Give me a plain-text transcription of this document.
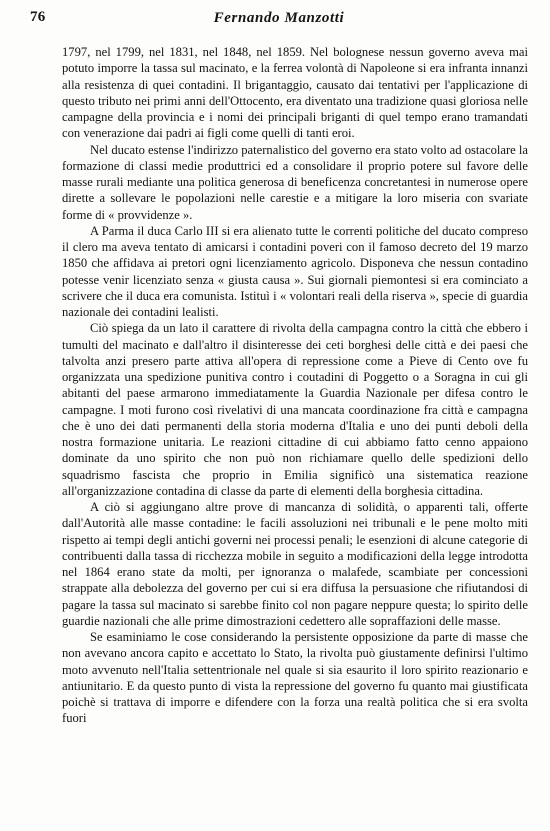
76	Fernando Manzotti

1797, nel 1799, nel 1831, nel 1848, nel 1859. Nel bolognese nessun governo aveva mai potuto imporre la tassa sul macinato, e la ferrea volontà di Napoleone si era infranta innanzi alla resistenza di quei contadini. Il brigantaggio, causato dai tentativi per l'applicazione di questo tributo nei primi anni dell'Ottocento, era diventato una tradizione quasi gloriosa nelle campagne della provincia e i nomi dei principali briganti di quel tempo erano tramandati con venerazione dai padri ai figli come quelli di tanti eroi.

Nel ducato estense l'indirizzo paternalistico del governo era stato volto ad ostacolare la formazione di classi medie produttrici ed a consolidare il proprio potere sul favore delle masse rurali mediante una politica generosa di beneficenza concretantesi in numerose opere dirette a sollevare le popolazioni nelle carestie e a mitigare la loro miseria con svariate forme di « provvidenze ».

A Parma il duca Carlo III si era alienato tutte le correnti politiche del ducato compreso il clero ma aveva tentato di amicarsi i contadini poveri con il famoso decreto del 19 marzo 1850 che affidava ai pretori ogni licenziamento agricolo. Disponeva che nessun contadino potesse venir licenziato senza « giusta causa ». Sui giornali piemontesi si era cominciato a scrivere che il duca era comunista. Istituì i « volontari reali della riserva », specie di guardia nazionale dei contadini lealisti.

Ciò spiega da un lato il carattere di rivolta della campagna contro la città che ebbero i tumulti del macinato e dall'altro il disinteresse dei ceti borghesi delle città e dei paesi che talvolta anzi presero parte attiva all'opera di repressione come a Pieve di Cento ove fu organizzata una spedizione punitiva contro i coutadini di Poggetto o a Soragna in cui gli abitanti del paese armarono immediatamente la Guardia Nazionale per difesa contro le campagne. I moti furono così rivelativi di una mancata coordinazione fra città e campagna che è uno dei dati permanenti della storia moderna d'Italia e uno dei punti deboli della nostra formazione unitaria. Le reazioni cittadine di cui abbiamo fatto cenno appaiono dominate da uno spirito che non può non richiamare quello delle spedizioni dello squadrismo fascista che proprio in Emilia significò una sistematica reazione all'organizzazione contadina di classe da parte di elementi della borghesia cittadina.

A ciò si aggiungano altre prove di mancanza di solidità, o apparenti tali, offerte dall'Autorità alle masse contadine: le facili assoluzioni nei tribunali e le pene molto miti rispetto ai tempi degli antichi governi nei processi penali; le esenzioni di alcune categorie di contribuenti dalla tassa di ricchezza mobile in seguito a modificazioni della legge introdotta nel 1864 erano state da molti, per ignoranza o malafede, scambiate per concessioni strappate alla debolezza del governo per cui si era diffusa la persuasione che rifiutandosi di pagare la tassa sul macinato si sarebbe finito col non pagare neppure questa; lo spirito delle guardie nazionali che alle prime dimostrazioni cedettero alle sopraffazioni delle masse.

Se esaminiamo le cose considerando la persistente opposizione da parte di masse che non avevano ancora capito e accettato lo Stato, la rivolta può giustamente definirsi l'ultimo moto avvenuto nell'Italia settentrionale nel quale si sia esaurito il loro spirito reazionario e antiunitario. E da questo punto di vista la repressione del governo fu quanto mai giustificata poichè si trattava di imporre e difendere con la forza una realtà politica che si era svolta fuori
